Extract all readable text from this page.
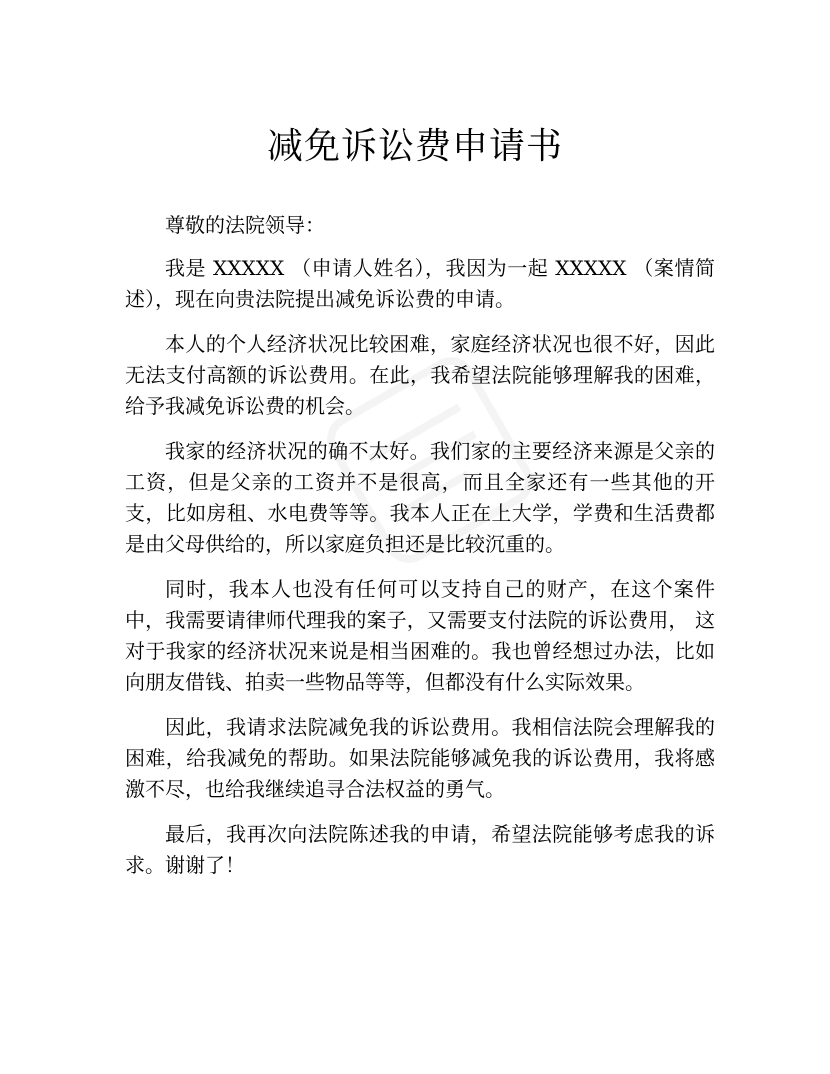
减免诉讼费申请书

尊敬的法院领导：

我是 XXXXX （申请人姓名），我因为一起 XXXXX （案情简述），现在向贵法院提出减免诉讼费的申请。

本人的个人经济状况比较困难，家庭经济状况也很不好，因此无法支付高额的诉讼费用。在此，我希望法院能够理解我的困难，给予我减免诉讼费的机会。

我家的经济状况的确不太好。我们家的主要经济来源是父亲的工资，但是父亲的工资并不是很高，而且全家还有一些其他的开支，比如房租、水电费等等。我本人正在上大学，学费和生活费都是由父母供给的，所以家庭负担还是比较沉重的。

同时，我本人也没有任何可以支持自己的财产，在这个案件中，我需要请律师代理我的案子，又需要支付法院的诉讼费用， 这对于我家的经济状况来说是相当困难的。我也曾经想过办法，比如向朋友借钱、拍卖一些物品等等，但都没有什么实际效果。

因此，我请求法院减免我的诉讼费用。我相信法院会理解我的困难，给我减免的帮助。如果法院能够减免我的诉讼费用，我将感激不尽，也给我继续追寻合法权益的勇气。

最后，我再次向法院陈述我的申请，希望法院能够考虑我的诉求。谢谢了！
